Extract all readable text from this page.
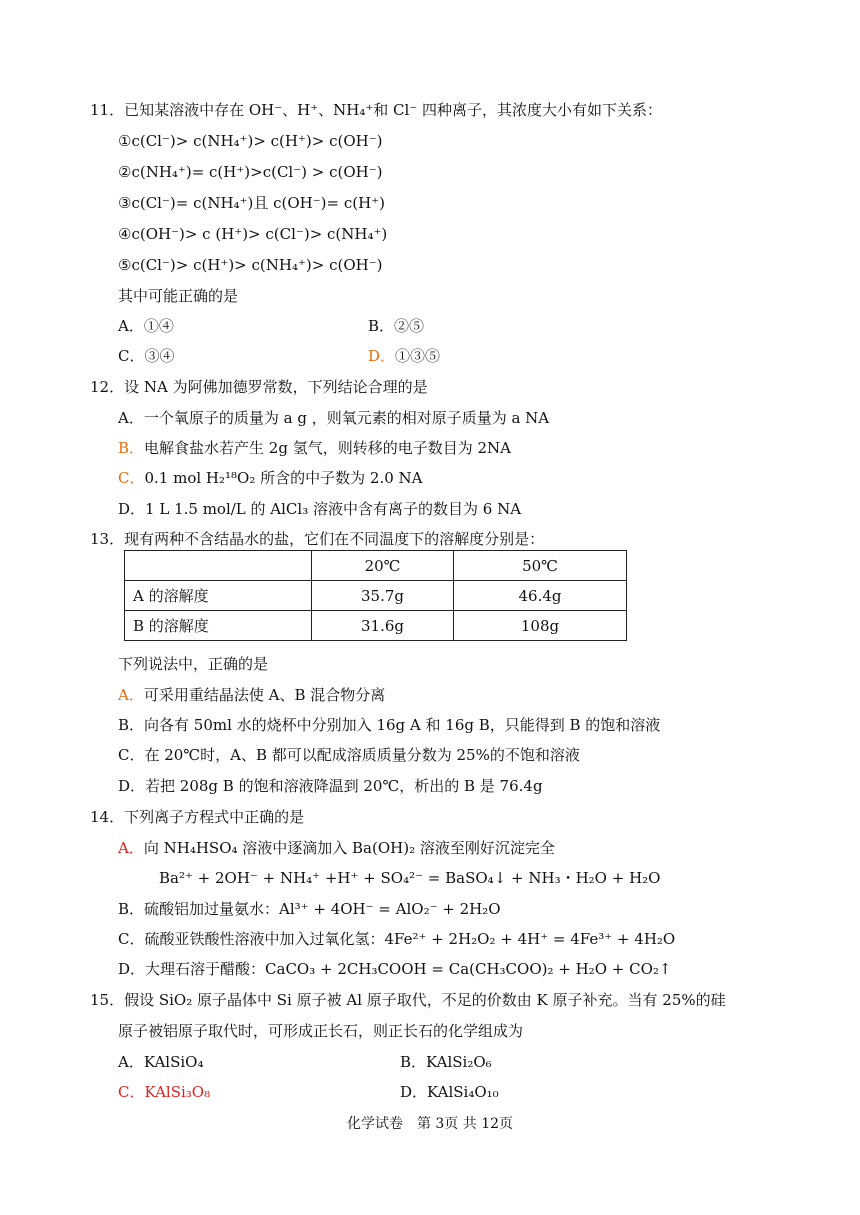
11．已知某溶液中存在 OH⁻、H⁺、NH₄⁺和 Cl⁻ 四种离子，其浓度大小有如下关系：
①c(Cl⁻)> c(NH₄⁺)> c(H⁺)> c(OH⁻)
②c(NH₄⁺)= c(H⁺)>c(Cl⁻) > c(OH⁻)
③c(Cl⁻)= c(NH₄⁺)且 c(OH⁻)= c(H⁺)
④c(OH⁻)> c (H⁺)> c(Cl⁻)> c(NH₄⁺)
⑤c(Cl⁻)> c(H⁺)> c(NH₄⁺)> c(OH⁻)
其中可能正确的是
A．①④	B．②⑤
C．③④	D．①③⑤
12．设 NA 为阿佛加德罗常数，下列结论合理的是
A．一个氧原子的质量为 a g ，则氧元素的相对原子质量为 a NA
B．电解食盐水若产生 2g 氢气，则转移的电子数目为 2NA
C．0.1 mol H₂¹⁸O₂ 所含的中子数为 2.0 NA
D．1 L 1.5 mol/L 的 AlCl₃ 溶液中含有离子的数目为 6 NA
13．现有两种不含结晶水的盐，它们在不同温度下的溶解度分别是：
	20℃	50℃
A 的溶解度	35.7g	46.4g
B 的溶解度	31.6g	108g
下列说法中，正确的是
A．可采用重结晶法使 A、B 混合物分离
B．向各有 50ml 水的烧杯中分别加入 16g A 和 16g B，只能得到 B 的饱和溶液
C．在 20℃时，A、B 都可以配成溶质质量分数为 25%的不饱和溶液
D．若把 208g B 的饱和溶液降温到 20℃，析出的 B 是 76.4g
14．下列离子方程式中正确的是
A．向 NH₄HSO₄ 溶液中逐滴加入 Ba(OH)₂ 溶液至刚好沉淀完全
Ba²⁺ + 2OH⁻ + NH₄⁺ +H⁺ + SO₄²⁻ = BaSO₄↓ + NH₃・H₂O + H₂O
B．硫酸铝加过量氨水：Al³⁺ + 4OH⁻ = AlO₂⁻ + 2H₂O
C．硫酸亚铁酸性溶液中加入过氧化氢：4Fe²⁺ + 2H₂O₂ + 4H⁺ = 4Fe³⁺ + 4H₂O
D．大理石溶于醋酸：CaCO₃ + 2CH₃COOH = Ca(CH₃COO)₂ + H₂O + CO₂↑
15．假设 SiO₂ 原子晶体中 Si 原子被 Al 原子取代，不足的价数由 K 原子补充。当有 25%的硅
原子被铝原子取代时，可形成正长石，则正长石的化学组成为
A．KAlSiO₄	B．KAlSi₂O₆
C．KAlSi₃O₈	D．KAlSi₄O₁₀
化学试卷　第 3页 共 12页
